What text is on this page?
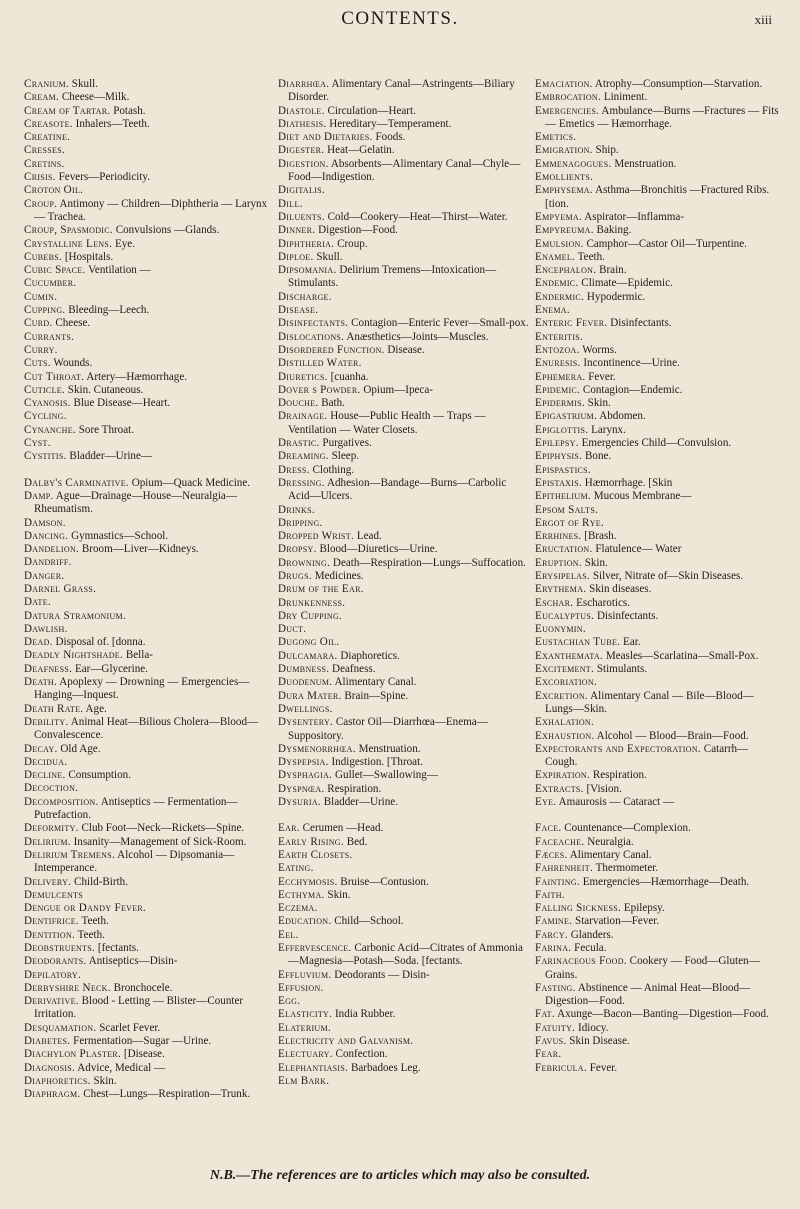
CONTENTS.	xiii
Cranium. Skull.
Cream. Cheese—Milk.
Cream of Tartar. Potash.
Creasote. Inhalers—Teeth.
Creatine.
Cresses.
Cretins.
Crisis. Fevers—Periodicity.
Croton Oil.
Croup. Antimony — Children—Diphtheria — Larynx — Trachea.
Croup, Spasmodic. Convulsions —Glands.
Crystalline Lens. Eye.
Cubebs. [Hospitals.
Cubic Space. Ventilation —
Cucumber.
Cumin.
Cupping. Bleeding—Leech.
Curd. Cheese.
Currants.
Curry.
Cuts. Wounds.
Cut Throat. Artery—Hæmorrhage.
Cuticle. Skin. Cutaneous.
Cyanosis. Blue Disease—Heart.
Cycling.
Cynanche. Sore Throat.
Cyst.
Cystitis. Bladder—Urine—
Dalby's Carminative. Opium—Quack Medicine.
Damp. Ague—Drainage—House—Neuralgia—Rheumatism.
Damson.
Dancing. Gymnastics—School.
Dandelion. Broom—Liver—Kidneys.
Dandriff.
Danger.
Darnel Grass.
Date.
Datura Stramonium.
Dawlish.
Dead. Disposal of. [donna.
Deadly Nightshade. Bella-
Deafness. Ear—Glycerine.
Death. Apoplexy — Drowning — Emergencies—Hanging—Inquest.
Death Rate. Age.
Debility. Animal Heat—Bilious Cholera—Blood—Convalescence.
Decay. Old Age.
Decidua.
Decline. Consumption.
Decoction.
Decomposition. Antiseptics — Fermentation—Putrefaction.
Deformity. Club Foot—Neck—Rickets—Spine.
Delirium. Insanity—Management of Sick-Room.
Delirium Tremens. Alcohol — Dipsomania—Intemperance.
Delivery. Child-Birth.
Demulcents
Dengue or Dandy Fever.
Dentifrice. Teeth.
Dentition. Teeth.
Deobstruents. [fectants.
Deodorants. Antiseptics—Disin-
Depilatory.
Derbyshire Neck. Bronchocele.
Derivative. Blood - Letting — Blister—Counter Irritation.
Desquamation. Scarlet Fever.
Diabetes. Fermentation—Sugar —Urine.
Diachylon Plaster. [Disease.
Diagnosis. Advice, Medical —
Diaphoretics. Skin.
Diaphragm. Chest—Lungs—Respiration—Trunk.
Diarrhœa. Alimentary Canal—Astringents—Biliary Disorder.
Diastole. Circulation—Heart.
Diathesis. Hereditary—Temperament.
Diet and Dietaries. Foods.
Digester. Heat—Gelatin.
Digestion. Absorbents—Alimentary Canal—Chyle—Food—Indigestion.
Digitalis.
Dill.
Diluents. Cold—Cookery—Heat—Thirst—Water.
Dinner. Digestion—Food.
Diphtheria. Croup.
Diploe. Skull.
Dipsomania. Delirium Tremens—Intoxication—Stimulants.
Discharge.
Disease.
Disinfectants. Contagion—Enteric Fever—Small-pox.
Dislocations. Anæsthetics—Joints—Muscles.
Disordered Function. Disease.
Distilled Water.
Diuretics. [cuanha.
Dover s Powder. Opium—Ipeca-
Douche. Bath.
Drainage. House—Public Health — Traps — Ventilation — Water Closets.
Drastic. Purgatives.
Dreaming. Sleep.
Dress. Clothing.
Dressing. Adhesion—Bandage—Burns—Carbolic Acid—Ulcers.
Drinks.
Dripping.
Dropped Wrist. Lead.
Dropsy. Blood—Diuretics—Urine.
Drowning. Death—Respiration—Lungs—Suffocation.
Drugs. Medicines.
Drum of the Ear.
Drunkenness.
Dry Cupping.
Duct.
Dugong Oil.
Dulcamara. Diaphoretics.
Dumbness. Deafness.
Duodenum. Alimentary Canal.
Dura Mater. Brain—Spine.
Dwellings.
Dysentery. Castor Oil—Diarrhœa—Enema—Suppository.
Dysmenorrhœa. Menstruation.
Dyspepsia. Indigestion. [Throat.
Dysphagia. Gullet—Swallowing—
Dyspnœa. Respiration.
Dysuria. Bladder—Urine.
Ear. Cerumen —Head.
Early Rising. Bed.
Earth Closets.
Eating.
Ecchymosis. Bruise—Contusion.
Ecthyma. Skin.
Eczema.
Education. Child—School.
Eel.
Effervescence. Carbonic Acid—Citrates of Ammonia—Magnesia—Potash—Soda. [fectants.
Effluvium. Deodorants — Disin-
Effusion.
Egg.
Elasticity. India Rubber.
Elaterium.
Electricity and Galvanism.
Electuary. Confection.
Elephantiasis. Barbadoes Leg.
Elm Bark.
Emaciation. Atrophy—Consumption—Starvation.
Embrocation. Liniment.
Emergencies. Ambulance—Burns —Fractures — Fits — Emetics — Hæmorrhage.
Emetics.
Emigration. Ship.
Emmenagogues. Menstruation.
Emollients.
Emphysema. Asthma—Bronchitis —Fractured Ribs. [tion.
Empyema. Aspirator—Inflamma-
Empyreuma. Baking.
Emulsion. Camphor—Castor Oil—Turpentine.
Enamel. Teeth.
Encephalon. Brain.
Endemic. Climate—Epidemic.
Endermic. Hypodermic.
Enema.
Enteric Fever. Disinfectants.
Enteritis.
Entozoa. Worms.
Enuresis. Incontinence—Urine.
Ephemera. Fever.
Epidemic. Contagion—Endemic.
Epidermis. Skin.
Epigastrium. Abdomen.
Epiglottis. Larynx.
Epilepsy. Emergencies Child—Convulsion.
Epiphysis. Bone.
Epispastics.
Epistaxis. Hæmorrhage. [Skin
Epithelium. Mucous Membrane—
Epsom Salts.
Ergot of Rye.
Errhines. [Brash.
Eructation. Flatulence— Water
Eruption. Skin.
Erysipelas. Silver, Nitrate of—Skin Diseases.
Erythema. Skin diseases.
Eschar. Escharotics.
Eucalyptus. Disinfectants.
Euonymin.
Eustachian Tube. Ear.
Exanthemata. Measles—Scarlatina—Small-Pox.
Excitement. Stimulants.
Excoriation.
Excretion. Alimentary Canal — Bile—Blood—Lungs—Skin.
Exhalation.
Exhaustion. Alcohol — Blood—Brain—Food.
Expectorants and Expectoration. Catarrh—Cough.
Expiration. Respiration.
Extracts. [Vision.
Eye. Amaurosis — Cataract —
Face. Countenance—Complexion.
Faceache. Neuralgia.
Fæces. Alimentary Canal.
Fahrenheit. Thermometer.
Fainting. Emergencies—Hæmorrhage—Death.
Faith.
Falling Sickness. Epilepsy.
Famine. Starvation—Fever.
Farcy. Glanders.
Farina. Fecula.
Farinaceous Food. Cookery — Food—Gluten—Grains.
Fasting. Abstinence — Animal Heat—Blood—Digestion—Food.
Fat. Axunge—Bacon—Banting—Digestion—Food.
Fatuity. Idiocy.
Favus. Skin Disease.
Fear.
Febricula. Fever.
N.B.—The references are to articles which may also be consulted.
